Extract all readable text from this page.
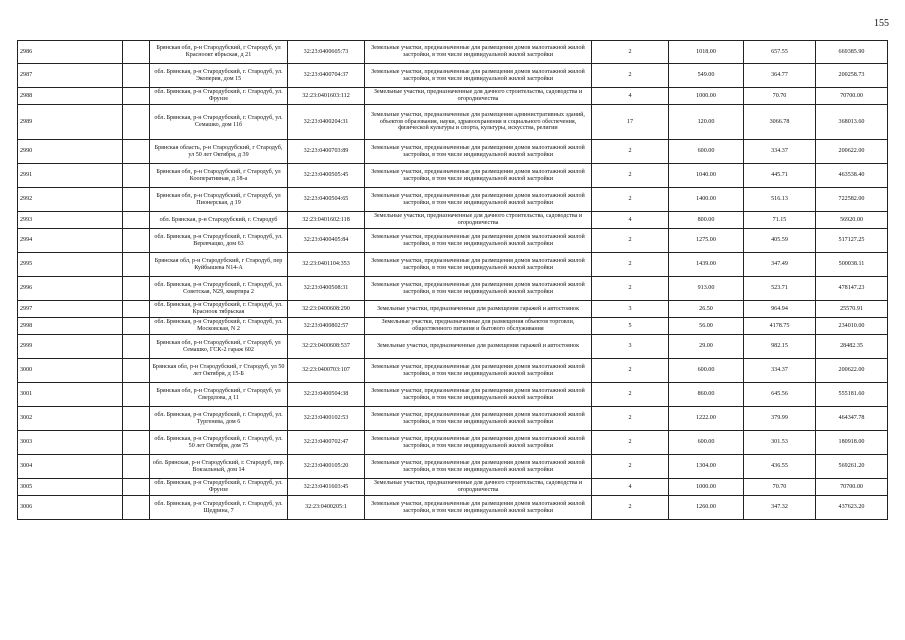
155
2986		Брянская обл, р-н Стародубский, г Стародуб, ул Красноокт ябрьская, д 21	32:23:0400605:73	Земельные участки, предназначенные для размещения домов малоэтажной жилой застройки, в том числе индивидуальной жилой застройки	2	1018.00	657.55	669385.90
2987		обл. Брянская, р-н Стародубский, г. Стародуб, ул. Экоперия, дом 15	32:23:0400704:37	Земельные участки, предназначенные для размещения домов малоэтажной жилой застройки, в том числе индивидуальной жилой застройки	2	549.00	364.77	200258.73
2988		обл. Брянская, р-н Стародубский, г. Стародуб, ул. Фрунзе	32:23:0401603:112	Земельные участки, предназначенные для дачного строительства, садоводства и огородничества	4	1000.00	70.70	70700.00
2989		обл. Брянская, р-н Стародубский, г. Стародуб, ул. Семашко, дом 11б	32:23:0400204:31	Земельные участки, предназначенные для размещения административных зданий, объектов образования, науки, здравоохранения и социального обеспечения, физической культуры и спорта, культуры, искусства, религии	17	120.00	3066.78	368013.60
2990		Брянская область, р-н Стародубский, г Стародуб, ул 50 лет Октября, д 39	32:23:0400703:89	Земельные участки, предназначенные для размещения домов малоэтажной жилой застройки, в том числе индивидуальной жилой застройки	2	600.00	334.37	200622.00
2991		Брянская обл, р-н Стародубский, г Стародуб, ул Кооперативная, д 18-а	32:23:0400505:45	Земельные участки, предназначенные для размещения домов малоэтажной жилой застройки, в том числе индивидуальной жилой застройки	2	1040.00	445.71	463538.40
2992		Брянская обл, р-н Стародубский, г Стародуб, ул Пионерская, д 19	32:23:0400504:65	Земельные участки, предназначенные для размещения домов малоэтажной жилой застройки, в том числе индивидуальной жилой застройки	2	1400.00	516.13	722582.00
2993		обл. Брянская, р-н Стародубский, г. Стародуб	32:23:0401602:118	Земельные участки, предназначенные для дачного строительства, садоводства и огородничества	4	800.00	71.15	56920.00
2994		обл. Брянская, р-н Стародубский, г. Стародуб, ул. Веревчацко, дом 63	32:23:0400405:84	Земельные участки, предназначенные для размещения домов малоэтажной жилой застройки, в том числе индивидуальной жилой застройки	2	1275.00	405.59	517127.25
2995		Брянская обл, р-н Стародубский, г Стародуб, пер Куйбышева N14-А	32:23:0401104:353	Земельные участки, предназначенные для размещения домов малоэтажной жилой застройки, в том числе индивидуальной жилой застройки	2	1439.00	347.49	500038.11
2996		обл. Брянская, р-н Стародубский, г. Стародуб, ул. Советская, N29, квартира 2	32:23:0400508:31	Земельные участки, предназначенные для размещения домов малоэтажной жилой застройки, в том числе индивидуальной жилой застройки	2	913.00	523.71	478147.23
2997		обл. Брянская, р-н Стародубский, г. Стародуб, ул. Красноок тябрьская	32:23:0400608:290	Земельные участки, предназначенные для размещения гаражей и автостоянок	3	26.50	964.94	25570.91
2998		обл. Брянская, р-н Стародубский, г. Стародуб, ул. Московская, N 2	32:23:0400802:57	Земельные участки, предназначенные для размещения объектов торговли, общественного питания и бытового обслуживания	5	56.00	4178.75	234010.00
2999		Брянская обл, р-н Стародубский, г Стародуб, ул Семашко, ГСК-2 гараж 602	32:23:0400608:537	Земельные участки, предназначенные для размещения гаражей и автостоянок	3	29.00	982.15	28482.35
3000		Брянская обл, р-н Стародубский, г Стародуб, ул 50 лет Октября, д 15-Б	32:23:0400703:107	Земельные участки, предназначенные для размещения домов малоэтажной жилой застройки, в том числе индивидуальной жилой застройки	2	600.00	334.37	200622.00
3001		Брянская обл, р-н Стародубский, г Стародуб, ул Свердлова, д 11	32:23:0400504:38	Земельные участки, предназначенные для размещения домов малоэтажной жилой застройки, в том числе индивидуальной жилой застройки	2	860.00	645.56	555181.60
3002		обл. Брянская, р-н Стародубский, г. Стародуб, ул. Тургенева, дом 6	32:23:0400102:53	Земельные участки, предназначенные для размещения домов малоэтажной жилой застройки, в том числе индивидуальной жилой застройки	2	1222.00	379.99	464347.78
3003		обл. Брянская, р-н Стародубский, г. Стародуб, ул. 50 лет Октября, дом 75	32:23:0400702:47	Земельные участки, предназначенные для размещения домов малоэтажной жилой застройки, в том числе индивидуальной жилой застройки	2	600.00	301.53	180918.00
3004		обл. Брянская, р-н Стародубский, г. Стародуб, пер. Вокзальный, дом 14	32:23:0400105:20	Земельные участки, предназначенные для размещения домов малоэтажной жилой застройки, в том числе индивидуальной жилой застройки	2	1304.00	436.55	569261.20
3005		обл. Брянская, р-н Стародубский, г. Стародуб, ул. Фрунзе	32:23:0401603:45	Земельные участки, предназначенные для дачного строительства, садоводства и огородничества	4	1000.00	70.70	70700.00
3006		обл. Брянская, р-н Стародубский, г. Стародуб, ул. Щедрина, 7	32:23:0400205:1	Земельные участки, предназначенные для размещения домов малоэтажной жилой застройки, в том числе индивидуальной жилой застройки	2	1260.00	347.32	437623.20
